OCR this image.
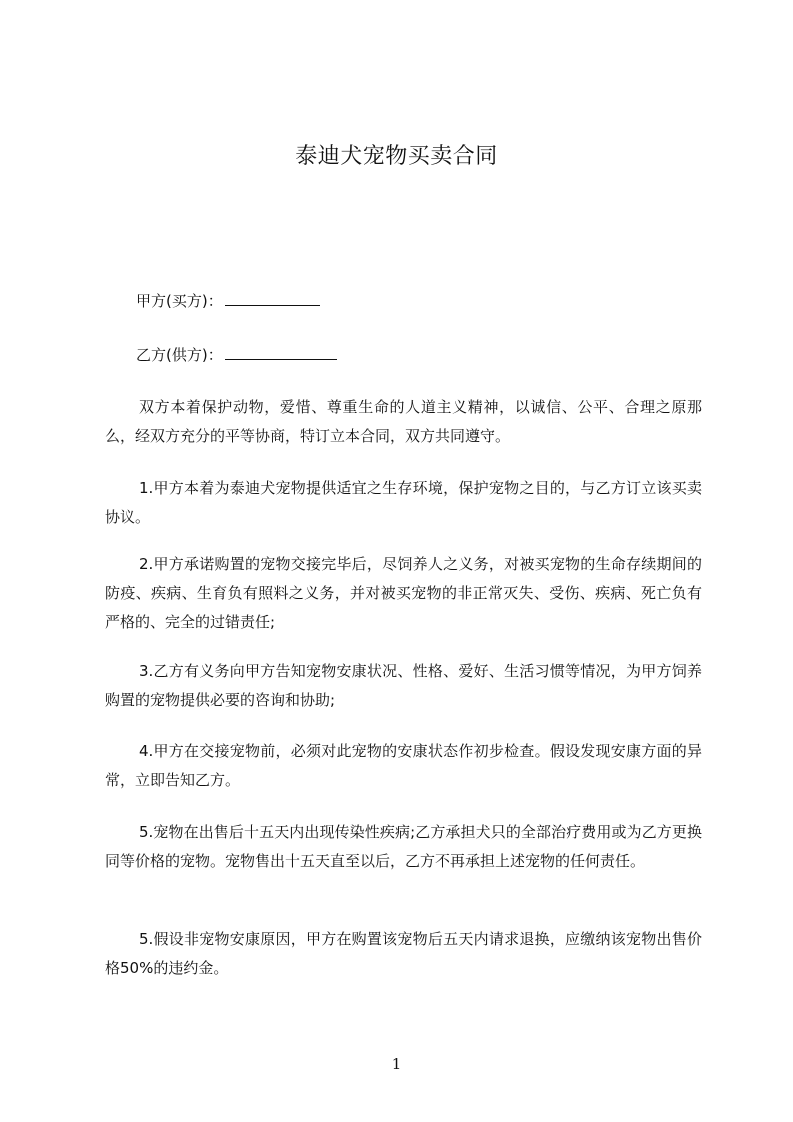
泰迪犬宠物买卖合同
甲方(买方)：
乙方(供方)：

双方本着保护动物，爱惜、尊重生命的人道主义精神，以诚信、公平、合理之原那么，经双方充分的平等协商，特订立本合同，双方共同遵守。

1.甲方本着为泰迪犬宠物提供适宜之生存环境，保护宠物之目的，与乙方订立该买卖协议。

2.甲方承诺购置的宠物交接完毕后，尽饲养人之义务，对被买宠物的生命存续期间的防疫、疾病、生育负有照料之义务，并对被买宠物的非正常灭失、受伤、疾病、死亡负有严格的、完全的过错责任;

3.乙方有义务向甲方告知宠物安康状况、性格、爱好、生活习惯等情况，为甲方饲养购置的宠物提供必要的咨询和协助;

4.甲方在交接宠物前，必须对此宠物的安康状态作初步检查。假设发现安康方面的异常，立即告知乙方。

5.宠物在出售后十五天内出现传染性疾病;乙方承担犬只的全部治疗费用或为乙方更换同等价格的宠物。宠物售出十五天直至以后，乙方不再承担上述宠物的任何责任。

5.假设非宠物安康原因，甲方在购置该宠物后五天内请求退换，应缴纳该宠物出售价格50%的违约金。

1
